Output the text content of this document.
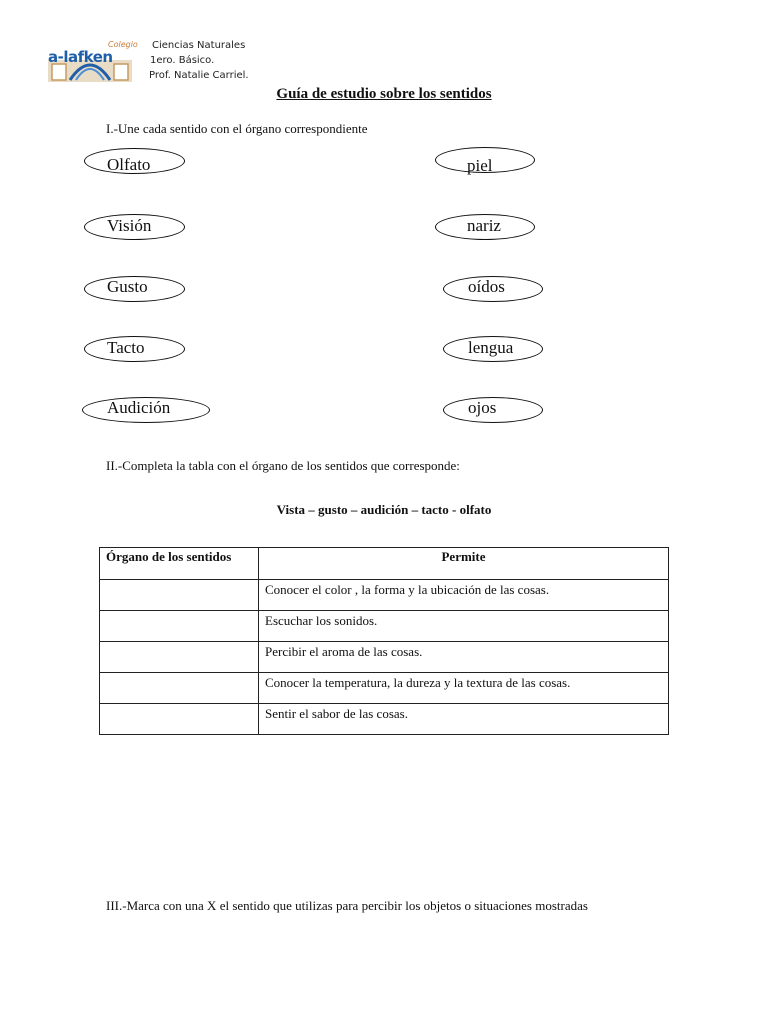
Colegio
a-lafken
Ciencias Naturales
1ero. Básico.
Prof. Natalie Carriel.
Guía de estudio sobre los sentidos
I.-Une cada sentido con el órgano correspondiente
Olfato
Visión
Gusto
Tacto
Audición
piel
nariz
oídos
lengua
ojos
II.-Completa la tabla con el órgano de los sentidos que corresponde:
Vista – gusto – audición – tacto - olfato
Órgano de los sentidos	Permite
	Conocer el color , la forma y la ubicación de las cosas.
	Escuchar los sonidos.
	Percibir el aroma de las cosas.
	Conocer la temperatura, la dureza y la textura de las cosas.
	Sentir el sabor de las cosas.
III.-Marca con una X el sentido que utilizas para percibir los objetos o situaciones mostradas
